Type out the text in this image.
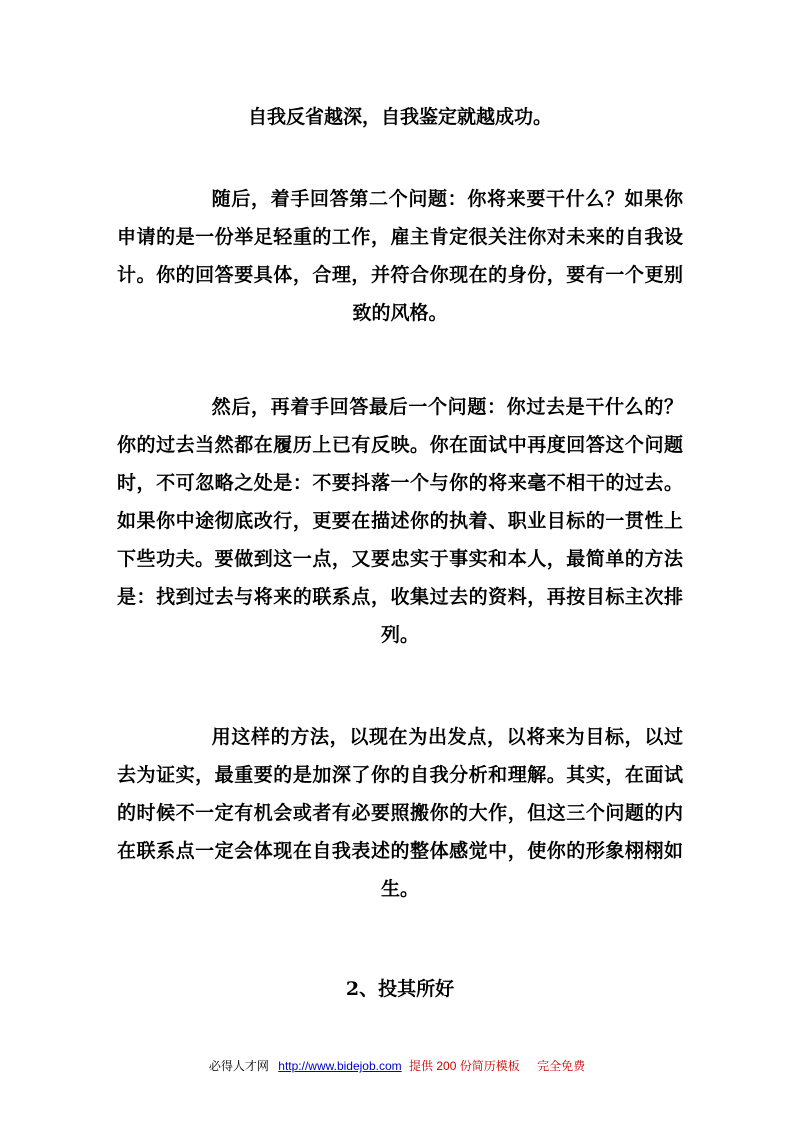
自我反省越深，自我鉴定就越成功。

随后，着手回答第二个问题：你将来要干什么？如果你申请的是一份举足轻重的工作，雇主肯定很关注你对未来的自我设计。你的回答要具体，合理，并符合你现在的身份，要有一个更别致的风格。

然后，再着手回答最后一个问题：你过去是干什么的？你的过去当然都在履历上已有反映。你在面试中再度回答这个问题时，不可忽略之处是：不要抖落一个与你的将来毫不相干的过去。如果你中途彻底改行，更要在描述你的执着、职业目标的一贯性上下些功夫。要做到这一点，又要忠实于事实和本人，最简单的方法是：找到过去与将来的联系点，收集过去的资料，再按目标主次排列。

用这样的方法，以现在为出发点，以将来为目标，以过去为证实，最重要的是加深了你的自我分析和理解。其实，在面试的时候不一定有机会或者有必要照搬你的大作，但这三个问题的内在联系点一定会体现在自我表述的整体感觉中，使你的形象栩栩如生。

2、投其所好

必得人才网 http://www.bidejob.com 提供 200 份简历模板 完全免费
